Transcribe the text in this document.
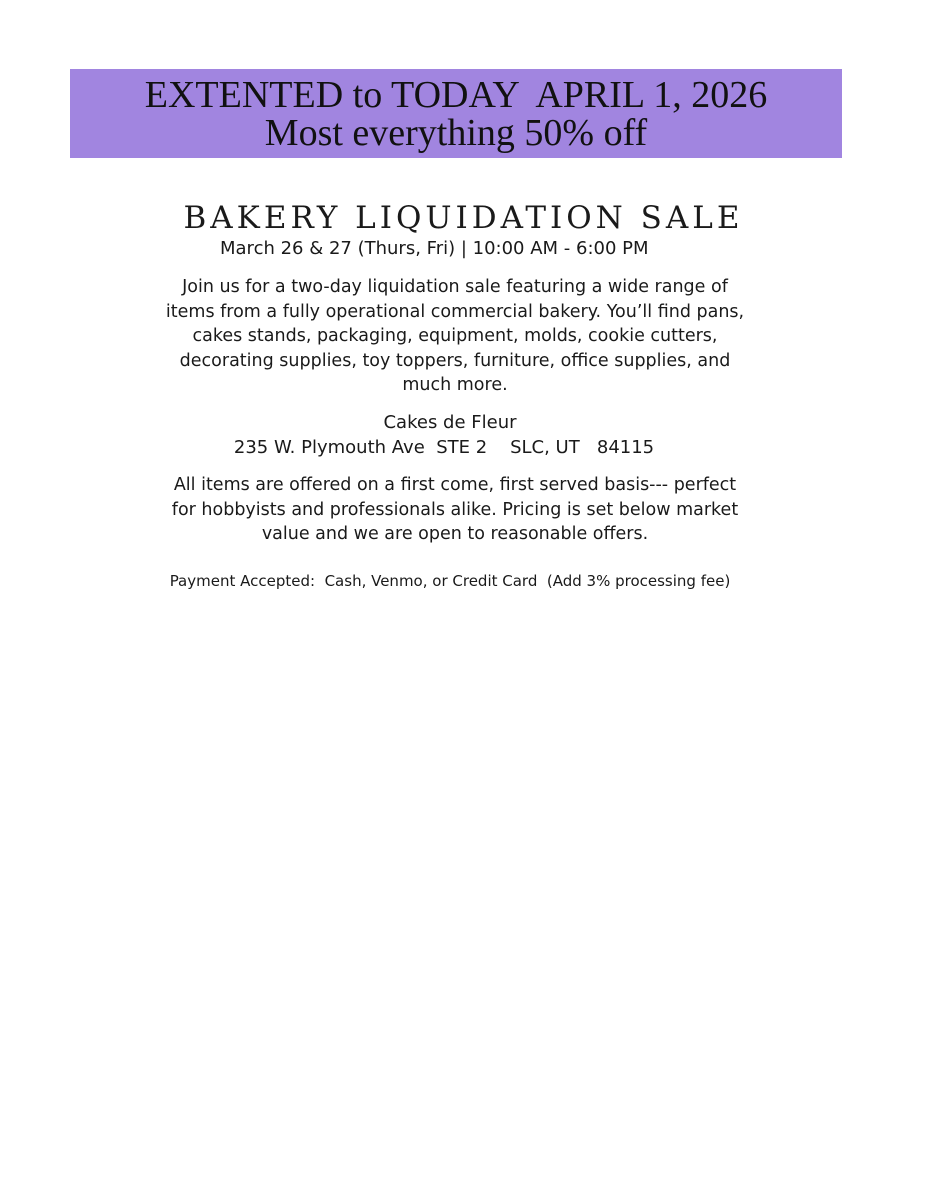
EXTENTED to TODAY  APRIL 1, 2026
Most everything 50% off
BAKERY LIQUIDATION SALE
March 26 & 27 (Thurs, Fri) | 10:00 AM - 6:00 PM
Join us for a two-day liquidation sale featuring a wide range of items from a fully operational commercial bakery. You’ll find pans, cakes stands, packaging, equipment, molds, cookie cutters, decorating supplies, toy toppers, furniture, office supplies, and much more.
Cakes de Fleur
235 W. Plymouth Ave  STE 2    SLC, UT   84115
All items are offered on a first come, first served basis--- perfect for hobbyists and professionals alike. Pricing is set below market value and we are open to reasonable offers.
Payment Accepted:  Cash, Venmo, or Credit Card  (Add 3% processing fee)
